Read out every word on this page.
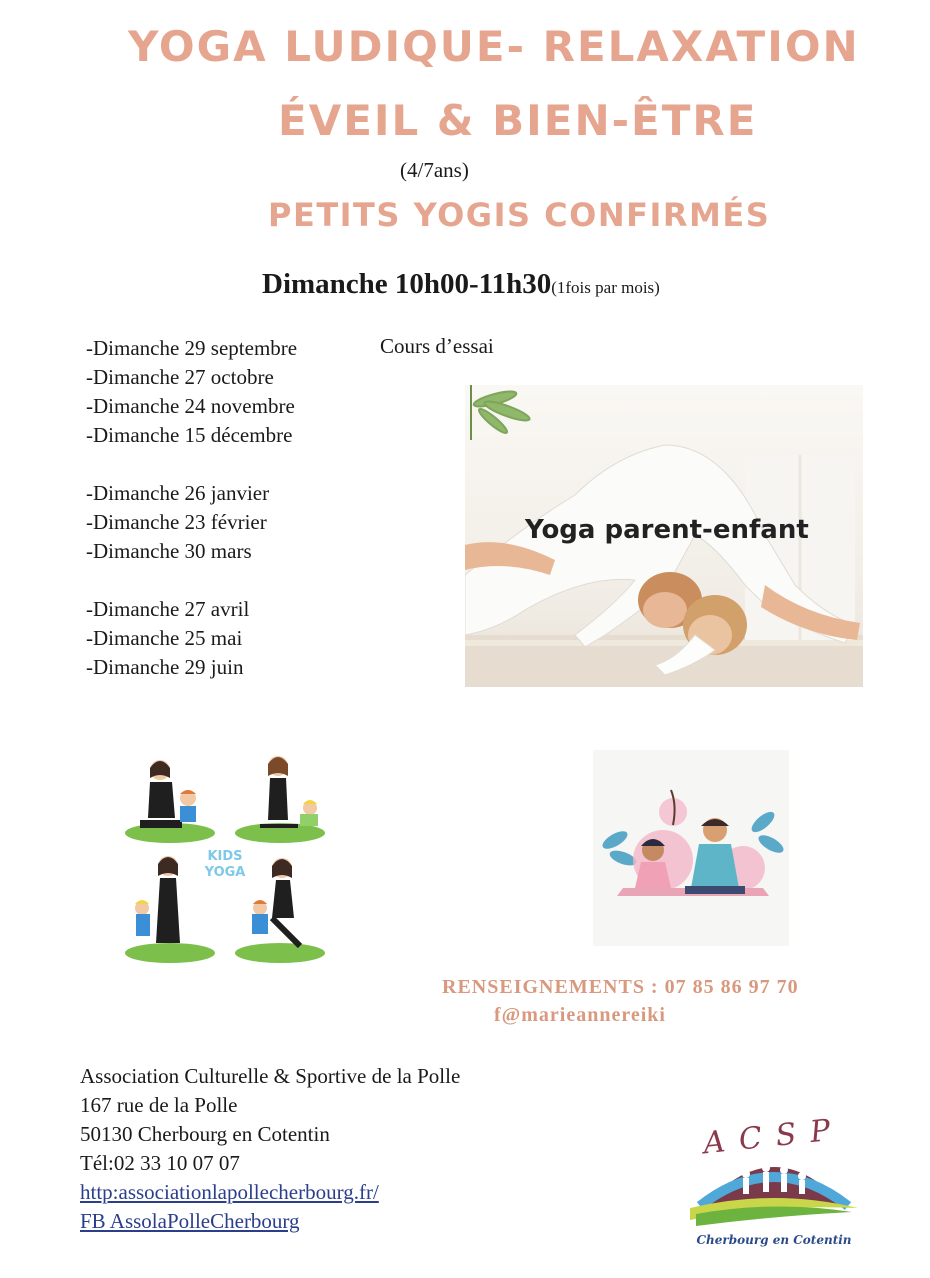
YOGA LUDIQUE- RELAXATION
ÉVEIL & BIEN-ÊTRE
(4/7ans)
PETITS YOGIS CONFIRMÉS
Dimanche 10h00-11h30(1fois par mois)
-Dimanche 29 septembre
-Dimanche 27 octobre
-Dimanche 24 novembre
-Dimanche 15 décembre
-Dimanche 26 janvier
-Dimanche 23 février
-Dimanche 30 mars
-Dimanche 27 avril
-Dimanche 25 mai
-Dimanche 29 juin
Cours d’essai
Yoga parent-enfant
KIDS
YOGA
RENSEIGNEMENTS : 07 85 86 97 70
f@marieannereiki
Association Culturelle & Sportive de la Polle
167 rue de la Polle
50130 Cherbourg en Cotentin
Tél:02 33 10 07 07
http:associationlapollecherbourg.fr/
FB AssolaPolleCherbourg
ACSP
Cherbourg en Cotentin
